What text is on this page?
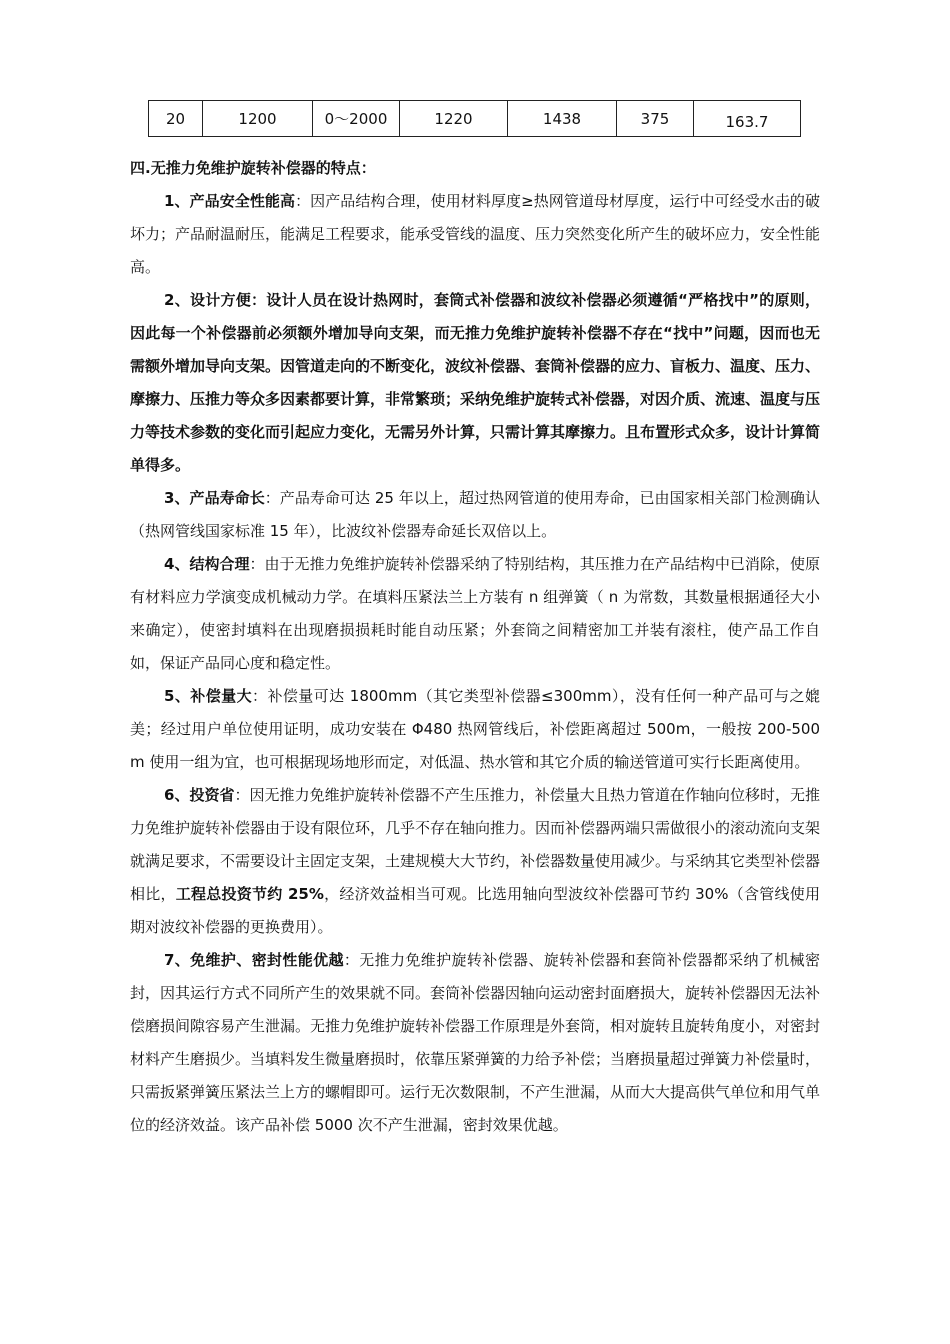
20	1200	0～2000	1220	1438	375	163.7

四.无推力免维护旋转补偿器的特点：

1、产品安全性能高：因产品结构合理，使用材料厚度≥热网管道母材厚度，运行中可经受水击的破坏力；产品耐温耐压，能满足工程要求，能承受管线的温度、压力突然变化所产生的破坏应力，安全性能高。

2、设计方便：设计人员在设计热网时，套筒式补偿器和波纹补偿器必须遵循“严格找中”的原则，因此每一个补偿器前必须额外增加导向支架，而无推力免维护旋转补偿器不存在“找中”问题，因而也无需额外增加导向支架。因管道走向的不断变化，波纹补偿器、套筒补偿器的应力、盲板力、温度、压力、摩擦力、压推力等众多因素都要计算，非常繁琐；采纳免维护旋转式补偿器，对因介质、流速、温度与压力等技术参数的变化而引起应力变化，无需另外计算，只需计算其摩擦力。且布置形式众多，设计计算简单得多。

3、产品寿命长：产品寿命可达 25 年以上，超过热网管道的使用寿命，已由国家相关部门检测确认（热网管线国家标准 15 年），比波纹补偿器寿命延长双倍以上。

4、结构合理：由于无推力免维护旋转补偿器采纳了特别结构，其压推力在产品结构中已消除，使原有材料应力学演变成机械动力学。在填料压紧法兰上方装有 n 组弹簧（ n 为常数，其数量根据通径大小来确定），使密封填料在出现磨损损耗时能自动压紧；外套筒之间精密加工并装有滚柱，使产品工作自如，保证产品同心度和稳定性。

5、补偿量大：补偿量可达 1800mm（其它类型补偿器≤300mm），没有任何一种产品可与之媲美；经过用户单位使用证明，成功安装在 Φ480 热网管线后，补偿距离超过 500m，一般按 200-500m 使用一组为宜，也可根据现场地形而定，对低温、热水管和其它介质的输送管道可实行长距离使用。

6、投资省：因无推力免维护旋转补偿器不产生压推力，补偿量大且热力管道在作轴向位移时，无推力免维护旋转补偿器由于设有限位环，几乎不存在轴向推力。因而补偿器两端只需做很小的滚动流向支架就满足要求，不需要设计主固定支架，土建规模大大节约，补偿器数量使用减少。与采纳其它类型补偿器相比，工程总投资节约 25%，经济效益相当可观。比选用轴向型波纹补偿器可节约 30%（含管线使用期对波纹补偿器的更换费用）。

7、免维护、密封性能优越：无推力免维护旋转补偿器、旋转补偿器和套筒补偿器都采纳了机械密封，因其运行方式不同所产生的效果就不同。套筒补偿器因轴向运动密封面磨损大，旋转补偿器因无法补偿磨损间隙容易产生泄漏。无推力免维护旋转补偿器工作原理是外套筒，相对旋转且旋转角度小，对密封材料产生磨损少。当填料发生微量磨损时，依靠压紧弹簧的力给予补偿；当磨损量超过弹簧力补偿量时，只需扳紧弹簧压紧法兰上方的螺帽即可。运行无次数限制，不产生泄漏，从而大大提高供气单位和用气单位的经济效益。该产品补偿 5000 次不产生泄漏，密封效果优越。
